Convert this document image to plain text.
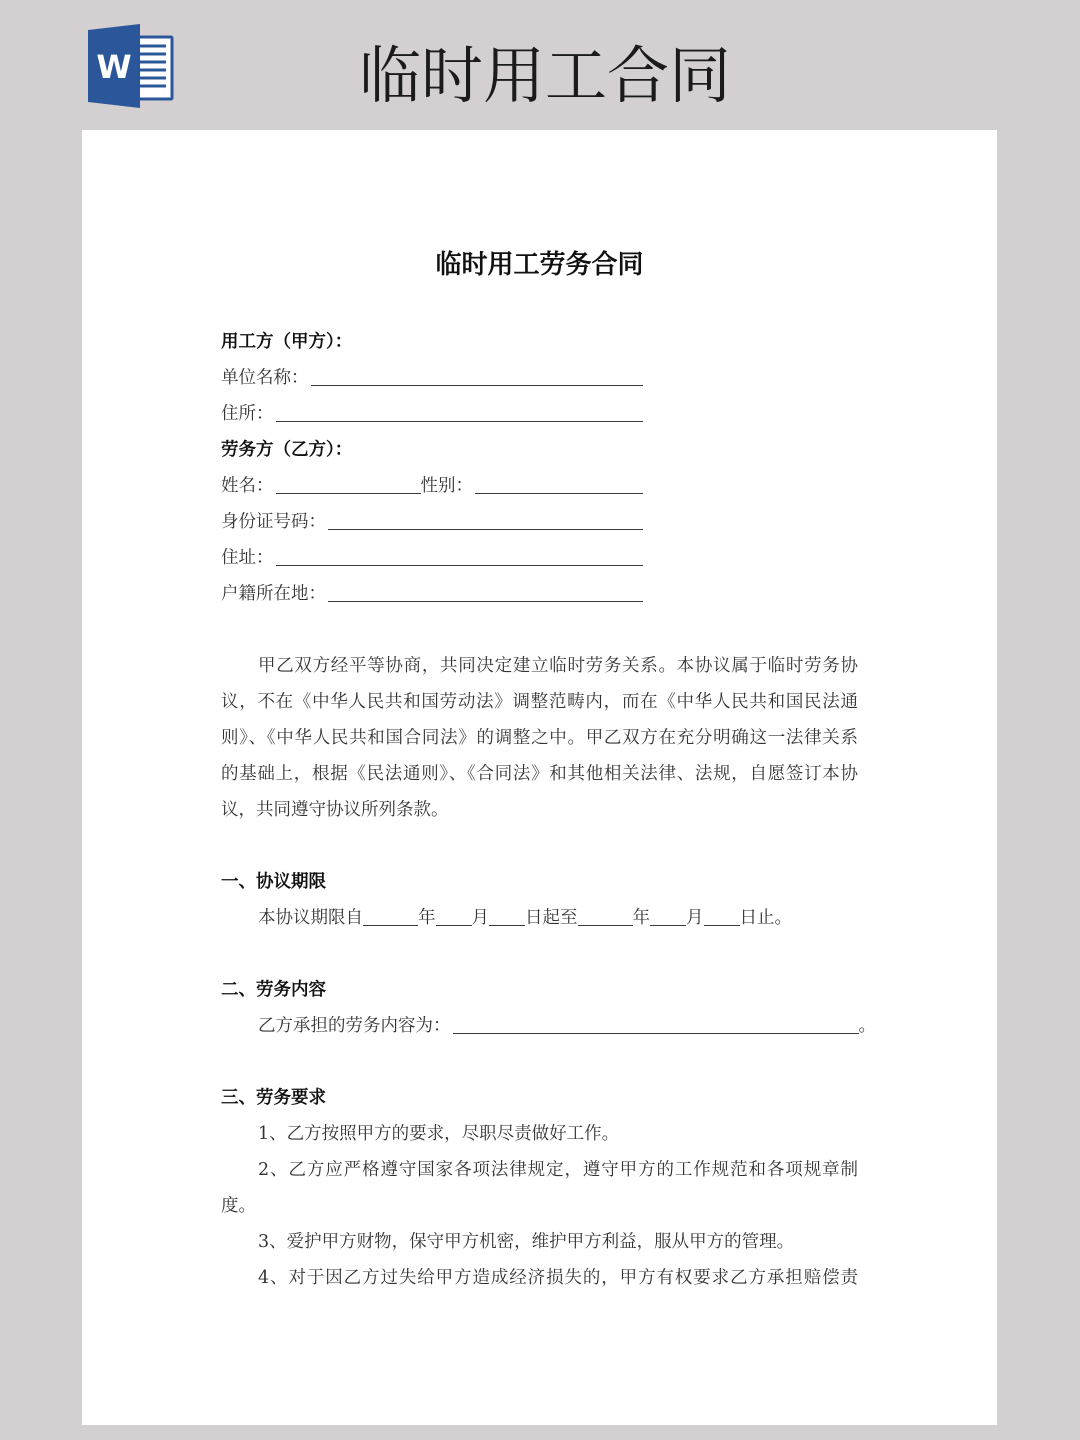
W	临时用工合同
临时用工劳务合同
用工方（甲方）：
单位名称：
住所：
劳务方（乙方）：
姓名：	性别：
身份证号码：
住址：
户籍所在地：
甲乙双方经平等协商，共同决定建立临时劳务关系。本协议属于临时劳务协
议，不在《中华人民共和国劳动法》调整范畴内，而在《中华人民共和国民法通
则》、《中华人民共和国合同法》的调整之中。甲乙双方在充分明确这一法律关系
的基础上，根据《民法通则》、《合同法》和其他相关法律、法规，自愿签订本协
议，共同遵守协议所列条款。
一、协议期限
本协议期限自	年 月 日起至	年 月 日止。
二、劳务内容
乙方承担的劳务内容为：	。
三、劳务要求
1、乙方按照甲方的要求，尽职尽责做好工作。
2、乙方应严格遵守国家各项法律规定，遵守甲方的工作规范和各项规章制
度。
3、爱护甲方财物，保守甲方机密，维护甲方利益，服从甲方的管理。
4、对于因乙方过失给甲方造成经济损失的，甲方有权要求乙方承担赔偿责
